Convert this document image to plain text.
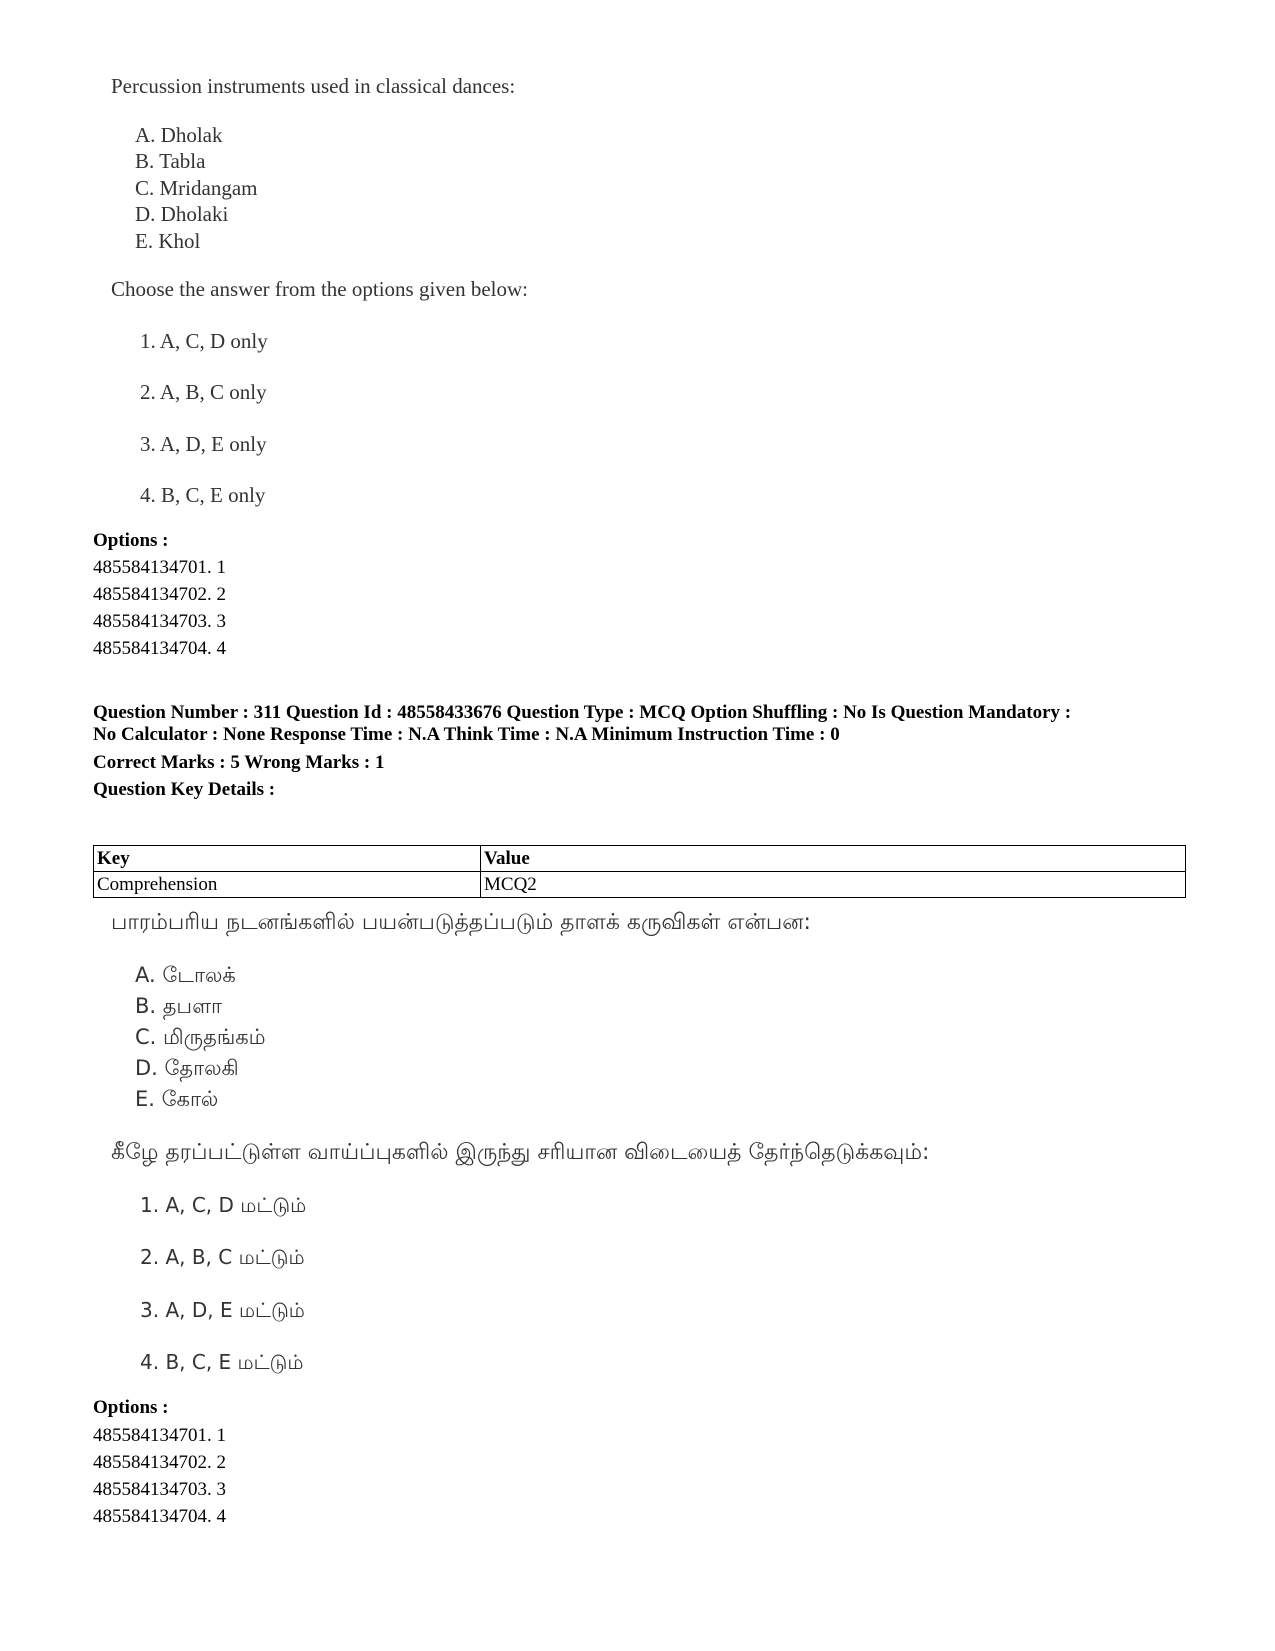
Percussion instruments used in classical dances:
A. Dholak
B. Tabla
C. Mridangam
D. Dholaki
E. Khol
Choose the answer from the options given below:
1. A, C, D only
2. A, B, C only
3. A, D, E only
4. B, C, E only
Options :
485584134701. 1
485584134702. 2
485584134703. 3
485584134704. 4
Question Number : 311 Question Id : 48558433676 Question Type : MCQ Option Shuffling : No Is Question Mandatory :
No Calculator : None Response Time : N.A Think Time : N.A Minimum Instruction Time : 0
Correct Marks : 5 Wrong Marks : 1
Question Key Details :
Key	Value
Comprehension	MCQ2
பாரம்பரிய நடனங்களில் பயன்படுத்தப்படும் தாளக் கருவிகள் என்பன:
A. டோலக்
B. தபளா
C. மிருதங்கம்
D. தோலகி
E. கோல்
கீழே தரப்பட்டுள்ள வாய்ப்புகளில் இருந்து சரியான விடையைத் தேர்ந்தெடுக்கவும்:
1. A, C, D மட்டும்
2. A, B, C மட்டும்
3. A, D, E மட்டும்
4. B, C, E மட்டும்
Options :
485584134701. 1
485584134702. 2
485584134703. 3
485584134704. 4
